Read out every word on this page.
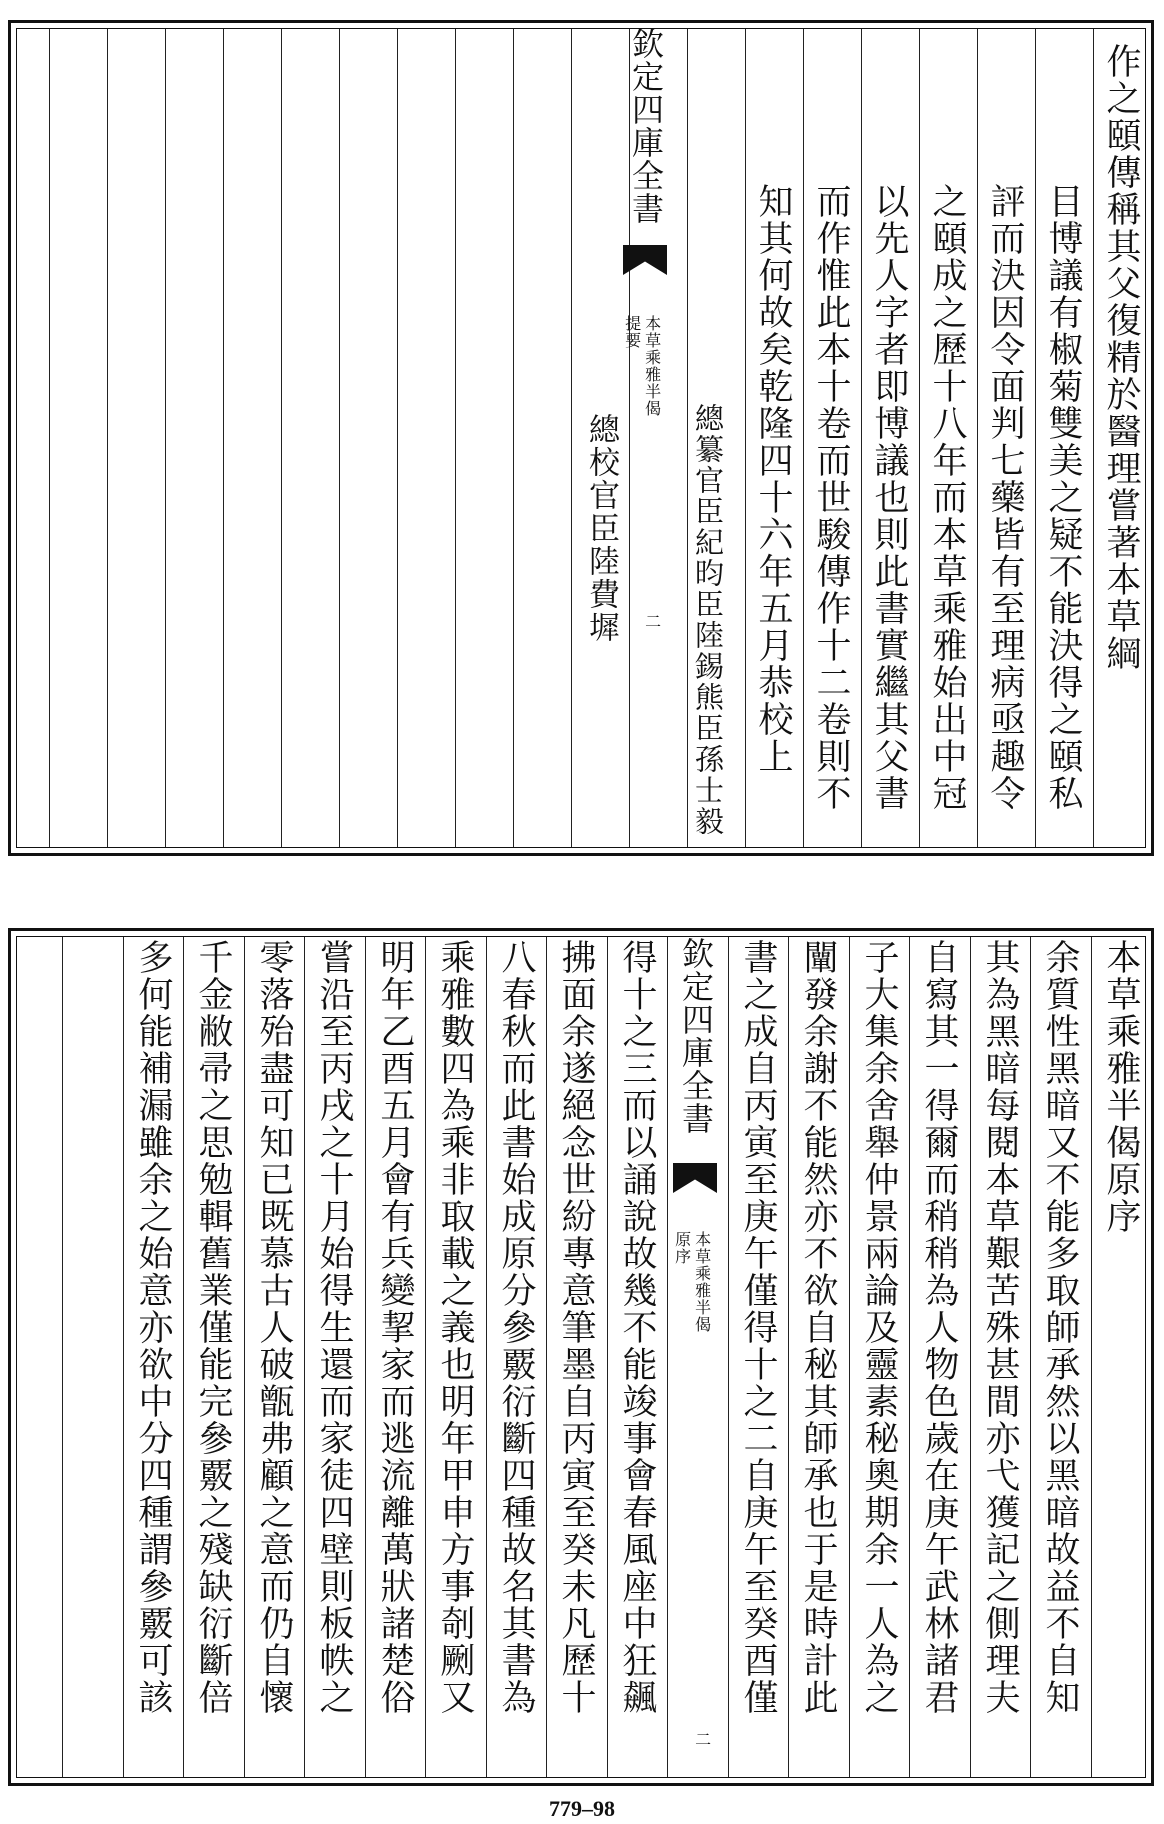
作之頤傳稱其父復精於醫理嘗著本草綱
目博議有椒菊雙美之疑不能決得之頤私
評而決因令面判七藥皆有至理病亟趣令
之頤成之歷十八年而本草乘雅始出中冠
以先人字者即博議也則此書實繼其父書
而作惟此本十卷而世駿傳作十二卷則不
知其何故矣乾隆四十六年五月恭校上
總纂官臣紀昀臣陸錫熊臣孫士毅
欽定四庫全書
本草乘雅半偈
提要
二
總校官臣陸費墀
本草乘雅半偈原序
余質性黑暗又不能多取師承然以黑暗故益不自知
其為黑暗每閱本草艱苦殊甚間亦弋獲記之側理夫
自寫其一得爾而稍稍為人物色歲在庚午武林諸君
子大集余舍舉仲景兩論及靈素秘奧期余一人為之
闡發余謝不能然亦不欲自秘其師承也于是時計此
書之成自丙寅至庚午僅得十之二自庚午至癸酉僅
欽定四庫全書
本草乘雅半偈
原序
二
得十之三而以誦說故幾不能竣事會春風座中狂飆
拂面余遂絕念世紛專意筆墨自丙寅至癸未凡歷十
八春秋而此書始成原分參覈衍斷四種故名其書為
乘雅數四為乘非取載之義也明年甲申方事剞劂又
明年乙酉五月會有兵變挈家而逃流離萬狀諸楚俗
嘗沿至丙戌之十月始得生還而家徒四壁則板帙之
零落殆盡可知已既慕古人破甑弗顧之意而仍自懷
千金敝帚之思勉輯舊業僅能完參覈之殘缺衍斷倍
多何能補漏雖余之始意亦欲中分四種謂參覈可該
779–98
